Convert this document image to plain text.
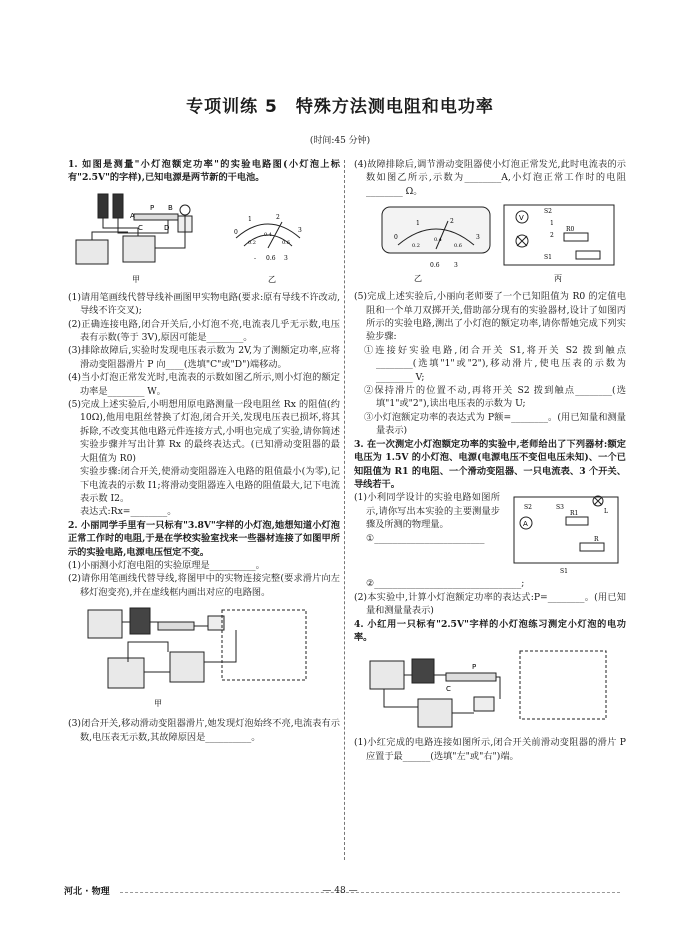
专项训练 5　特殊方法测电阻和电功率
(时间:45 分钟)

1. 如图是测量"小灯泡额定功率"的实验电路图(小灯泡上标有"2.5V"的字样),已知电源是两节新的干电池。

A
B
C	D
P
0
1	2
3
0.2
0.4
0.6
- 0.6 3
甲	乙

(1)请用笔画线代替导线补画图甲实物电路(要求:原有导线不许改动,导线不许交叉);

(2)正确连接电路,闭合开关后,小灯泡不亮,电流表几乎无示数,电压表有示数(等于 3V),原因可能是________。

(3)排除故障后,实验时发现电压表示数为 2V,为了测额定功率,应将滑动变阻器滑片 P 向____(选填"C"或"D")端移动。

(4)当小灯泡正常发光时,电流表的示数如图乙所示,则小灯泡的额定功率是________ W。

(5)完成上述实验后,小明想用原电路测量一段电阻丝 Rx 的阻值(约 10Ω),他用电阻丝替换了灯泡,闭合开关,发现电压表已损坏,将其拆除,不改变其他电路元件连接方式,小明也完成了实验,请你简述实验步骤并写出计算 Rx 的最终表达式。(已知滑动变阻器的最大阻值为 R0)

实验步骤:闭合开关,使滑动变阻器连入电路的阻值最小(为零),记下电流表的示数 I1;将滑动变阻器连入电路的阻值最大,记下电流表示数 I2。

表达式:Rx=________。

2. 小丽同学手里有一只标有"3.8V"字样的小灯泡,她想知道小灯泡正常工作时的电阻,于是在学校实验室找来一些器材连接了如图甲所示的实验电路,电源电压恒定不变。

(1)小丽测小灯泡电阻的实验原理是__________。

(2)请你用笔画线代替导线,将图甲中的实物连接完整(要求滑片向左移灯泡变亮),并在虚线框内画出对应的电路图。

甲

(3)闭合开关,移动滑动变阻器滑片,她发现灯泡始终不亮,电流表有示数,电压表无示数,其故障原因是__________。

(4)故障排除后,调节滑动变阻器使小灯泡正常发光,此时电流表的示数如图乙所示,示数为________A,小灯泡正常工作时的电阻________ Ω。

0
1	2
3
0.2
0.4
0.6
0.6 3
V
S2
1
2
R0
S1
乙	丙

(5)完成上述实验后,小丽向老师要了一个已知阻值为 R0 的定值电阻和一个单刀双掷开关,借助部分现有的实验器材,设计了如图丙所示的实验电路,测出了小灯泡的额定功率,请你帮她完成下列实验步骤:

①连接好实验电路,闭合开关 S1,将开关 S2 拨到触点________(选填"1"或"2"),移动滑片,使电压表的示数为________ V;

②保持滑片的位置不动,再将开关 S2 拨到触点________(选填"1"或"2"),读出电压表的示数为 U;

③小灯泡额定功率的表达式为 P额=________。(用已知量和测量量表示)

3. 在一次测定小灯泡额定功率的实验中,老师给出了下列器材:额定电压为 1.5V 的小灯泡、电源(电源电压不变但电压未知)、一个已知阻值为 R1 的电阻、一个滑动变阻器、一只电流表、3 个开关、导线若干。

(1)小利同学设计的实验电路如图所示,请你写出本实验的主要测量步骤及所测的物理量。

①________________________

S2	S3
L
A
R1
R
S1

②________________________________;

(2)本实验中,计算小灯泡额定功率的表达式:P=________。(用已知量和测量量表示)

4. 小红用一只标有"2.5V"字样的小灯泡练习测定小灯泡的电功率。

P
C

(1)小红完成的电路连接如图所示,闭合开关前滑动变阻器的滑片 P 应置于最______(选填"左"或"右")端。

河北 · 物理	— 48 —
